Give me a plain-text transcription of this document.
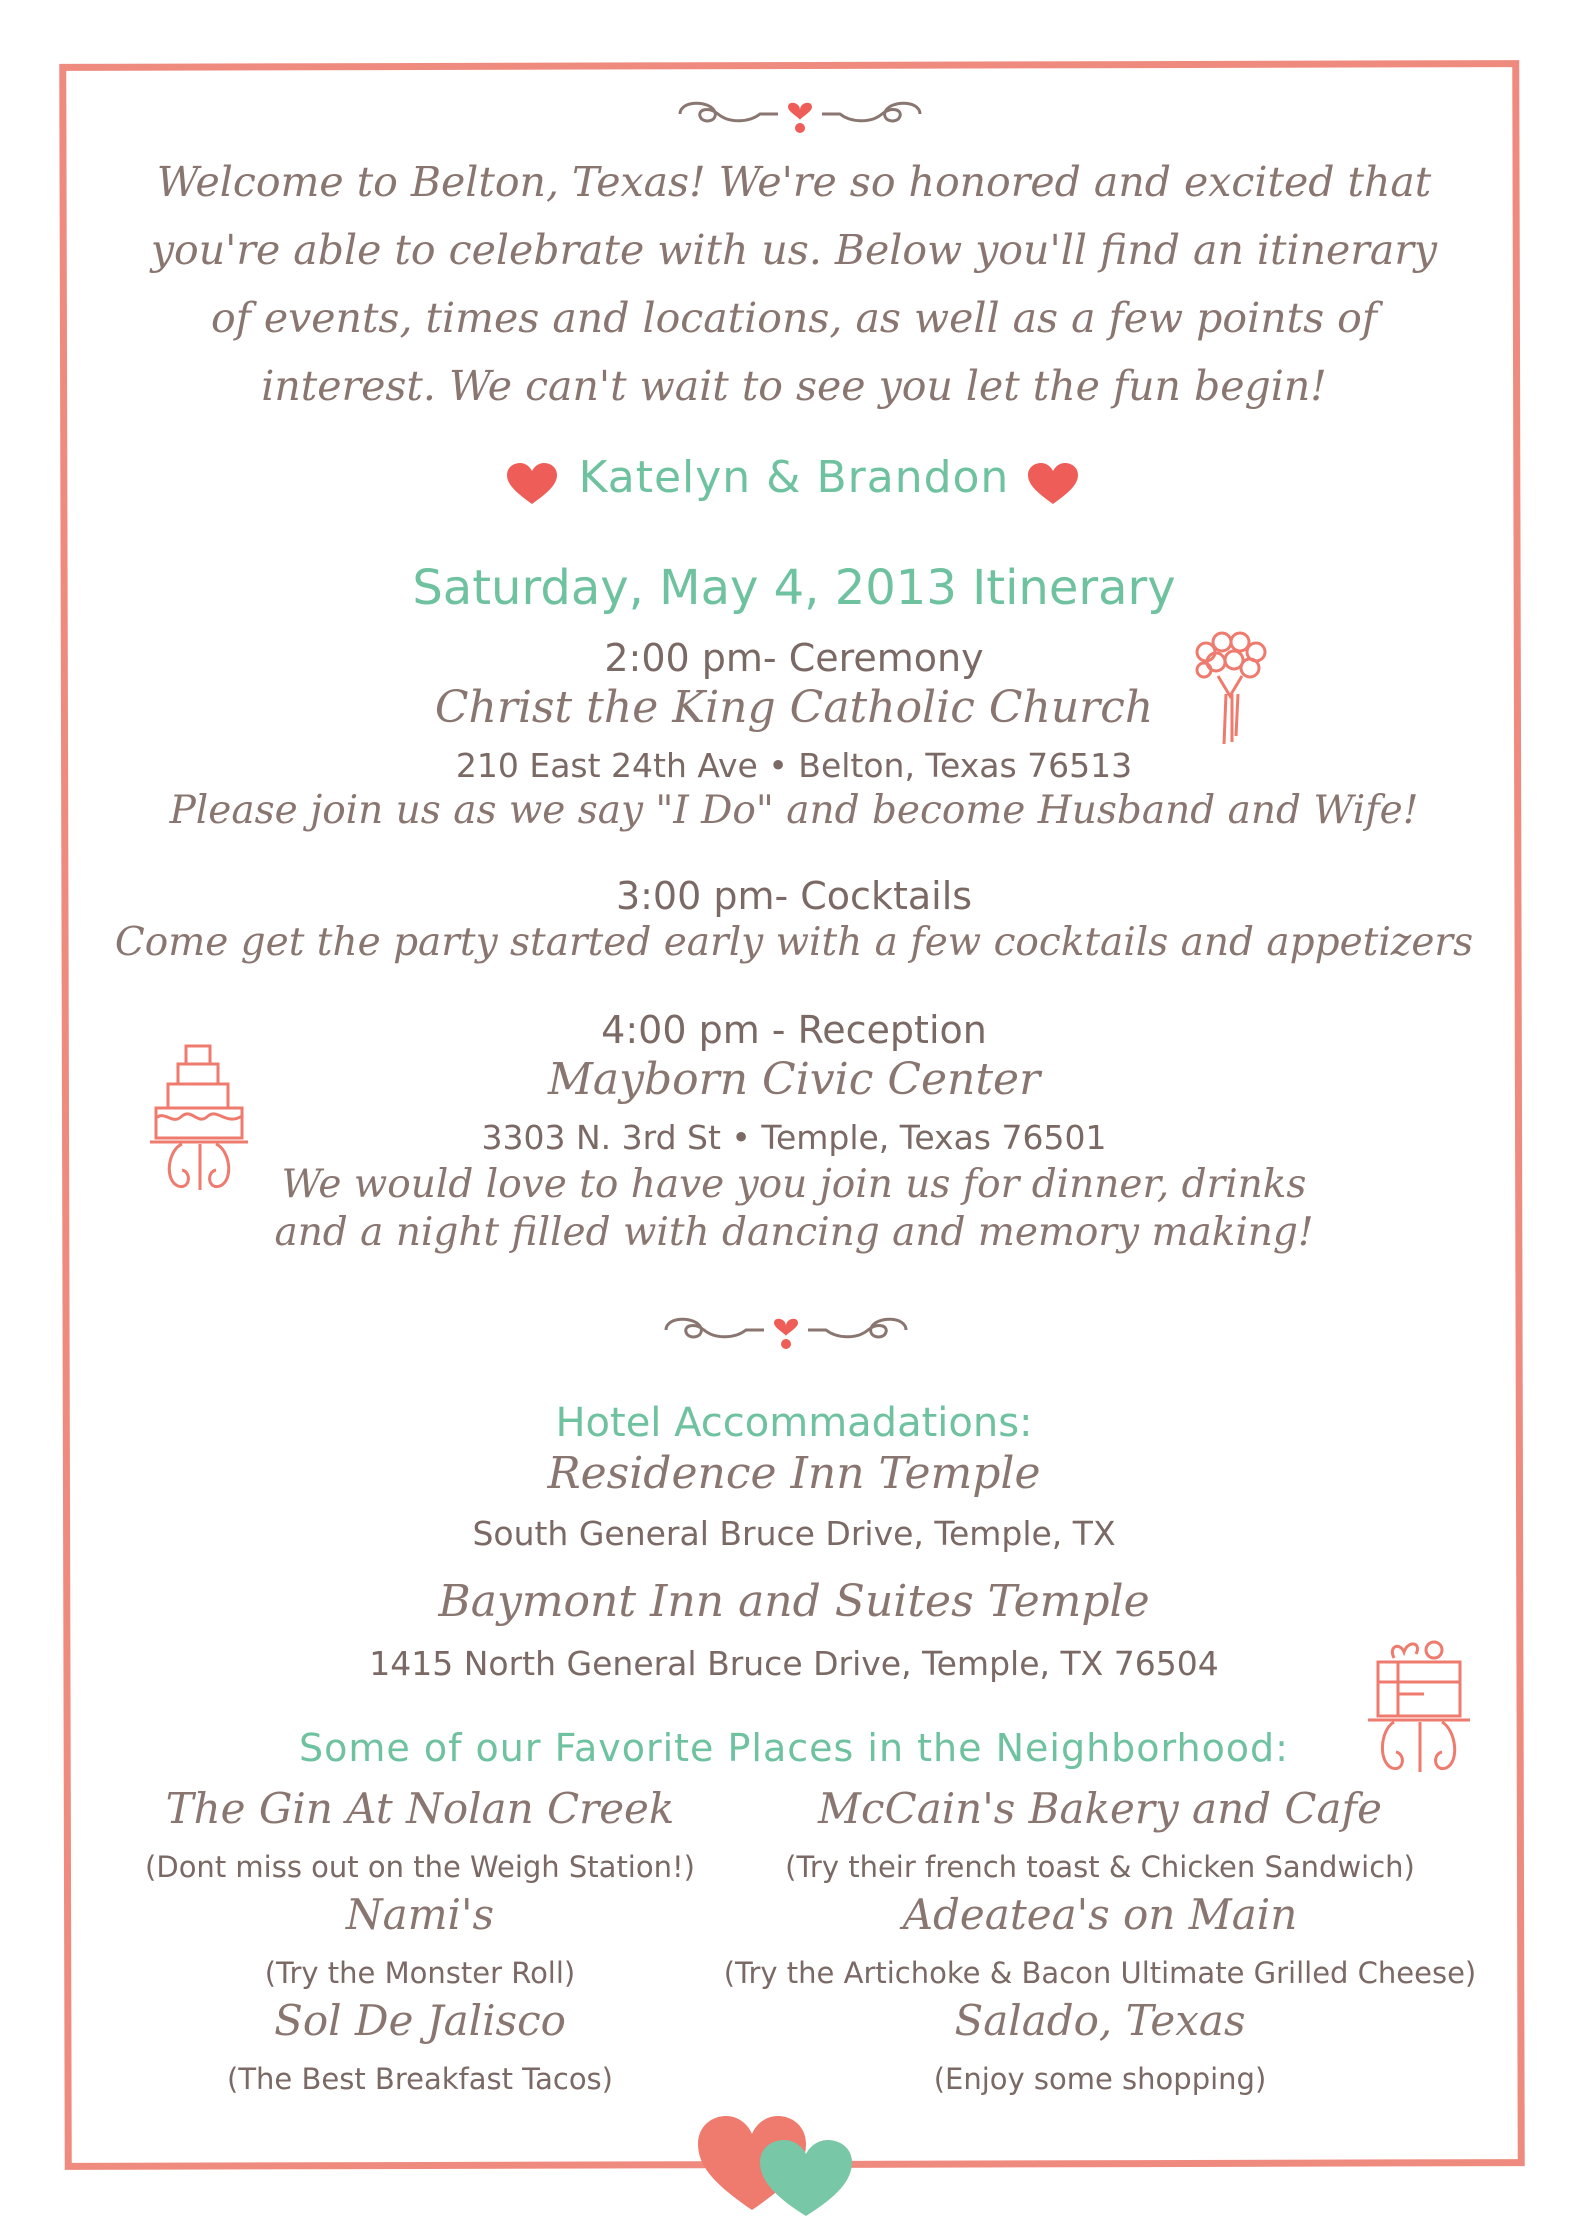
Welcome to Belton, Texas! We're so honored and excited that
you're able to celebrate with us. Below you'll find an itinerary
of events, times and locations, as well as a few points of
interest. We can't wait to see you let the fun begin!
Katelyn & Brandon
Saturday, May 4, 2013 Itinerary
2:00 pm- Ceremony
Christ the King Catholic Church
210 East 24th Ave • Belton, Texas 76513
Please join us as we say "I Do" and become Husband and Wife!
3:00 pm- Cocktails
Come get the party started early with a few cocktails and appetizers
4:00 pm - Reception
Mayborn Civic Center
3303 N. 3rd St • Temple, Texas 76501
We would love to have you join us for dinner, drinks
and a night filled with dancing and memory making!
Hotel Accommadations:
Residence Inn Temple
South General Bruce Drive, Temple, TX
Baymont Inn and Suites Temple
1415 North General Bruce Drive, Temple, TX 76504
Some of our Favorite Places in the Neighborhood:
The Gin At Nolan Creek
(Dont miss out on the Weigh Station!)
Nami's
(Try the Monster Roll)
Sol De Jalisco
(The Best Breakfast Tacos)
McCain's Bakery and Cafe
(Try their french toast & Chicken Sandwich)
Adeatea's on Main
(Try the Artichoke & Bacon Ultimate Grilled Cheese)
Salado, Texas
(Enjoy some shopping)
